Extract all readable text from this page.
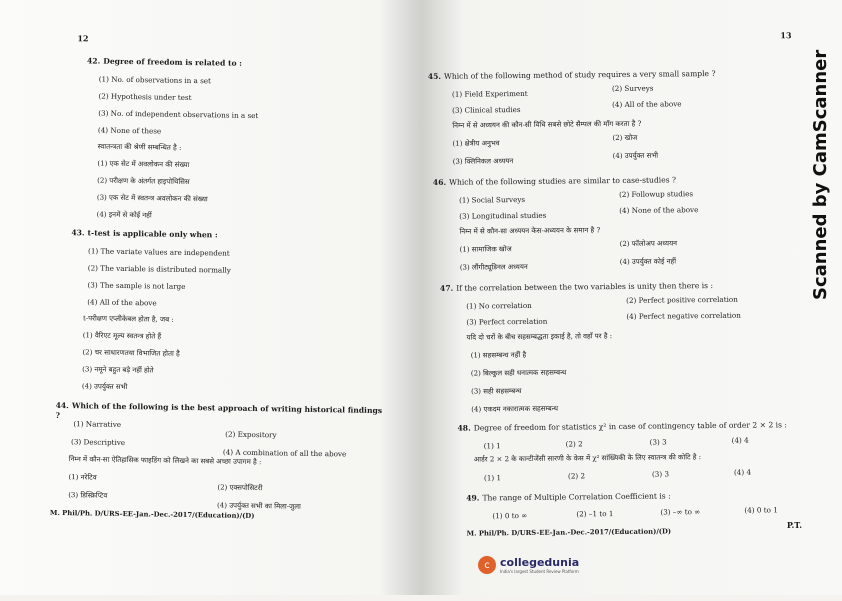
12
42. Degree of freedom is related to :
(1) No. of observations in a set
(2) Hypothesis under test
(3) No. of independent observations in a set
(4) None of these
स्वातन्त्रता की श्रेणी सम्बन्धित है :
(1) एक सेट में अवलोकन की संख्या
(2) परीक्षण के अंतर्गत हाइपोथिसिस
(3) एक सेट में स्वतन्त्र अवलोकन की संख्या
(4) इनमें से कोई नहीं
43. t-test is applicable only when :
(1) The variate values are independent
(2) The variable is distributed normally
(3) The sample is not large
(4) All of the above
t-परीक्षण एप्लीकेबल होता है, जब :
(1) वैरिएट मूल्य स्वतन्त्र होते हैं
(2) चर साधारणतया विभाजित होता है
(3) नमूने बहुत बड़े नहीं होते
(4) उपर्युक्त सभी
44. Which of the following is the best approach of writing historical findings ?
(1) Narrative
(2) Expository
(3) Descriptive
(4) A combination of all the above
निम्न में कौन-सा ऐतिहासिक फाइडिंग को लिखने का सबसे अच्छा उपागम है :
(1) नरेटिव
(2) एक्सपोसिटरी
(3) डिस्क्रिप्टिव
(4) उपर्युक्त सभी का मिला-जुला
M. Phil/Ph. D/URS-EE-Jan.-Dec.-2017/(Education)/(D)
13
45. Which of the following method of study requires a very small sample ?
(1) Field Experiment
(2) Surveys
(3) Clinical studies
(4) All of the above
निम्न में से अध्ययन की कौन-सी विधि सबसे छोटे सैम्पल की माँग करता है ?
(1) क्षेत्रीय अनुभव
(2) खोज
(3) क्लिनिकल अध्ययन
(4) उपर्युक्त सभी
46. Which of the following studies are similar to case-studies ?
(1) Social Surveys
(2) Followup studies
(3) Longitudinal studies
(4) None of the above
निम्न में से कौन-सा अध्ययन केस-अध्ययन के समान है ?
(1) सामाजिक खोज
(2) फॉलोअप अध्ययन
(3) लौंगीट्यूडिनल अध्ययन
(4) उपर्युक्त कोई नहीं
47. If the correlation between the two variables is unity then there is :
(1) No correlation
(2) Perfect positive correlation
(3) Perfect correlation
(4) Perfect negative correlation
यदि दो चरों के बीच सहसम्बद्धता इकाई है, तो वहाँ पर है :
(1) सहसम्बन्ध नहीं है
(2) बिल्कुल सही धनात्मक सहसम्बन्ध
(3) सही सहसम्बन्ध
(4) एकदम नकारात्मक सहसम्बन्ध
48. Degree of freedom for statistics χ² in case of contingency table of order 2 × 2 is :
(1) 1	(2) 2	(3) 3	(4) 4
आर्डर 2 × 2 के कान्टीजेंसी सारणी के केस में χ² सांख्यिकी के लिए स्वातन्त्र की कोटि है :
(1) 1	(2) 2	(3) 3	(4) 4
49. The range of Multiple Correlation Coefficient is :
(1) 0 to ∞	(2) –1 to 1	(3) –∞ to ∞	(4) 0 to 1
M. Phil/Ph. D/URS-EE-Jan.-Dec.-2017/(Education)/(D)
P.T.
Scanned by CamScanner
c collegedunia
India's largest Student Review Platform
